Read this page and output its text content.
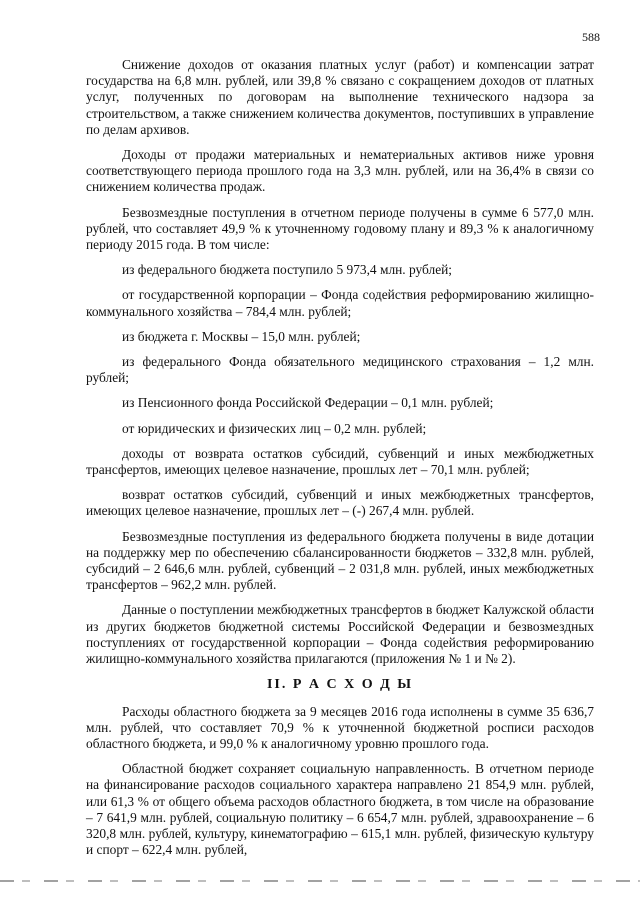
588

Снижение доходов от оказания платных услуг (работ) и компенсации затрат государства на 6,8 млн. рублей, или 39,8 % связано с сокращением доходов от платных услуг, полученных по договорам на выполнение технического надзора за строительством, а также снижением количества документов, поступивших в управление по делам архивов.

Доходы от продажи материальных и нематериальных активов ниже уровня соответствующего периода прошлого года на 3,3 млн. рублей, или на 36,4% в связи со снижением количества продаж.

Безвозмездные поступления в отчетном периоде получены в сумме 6 577,0 млн. рублей, что составляет 49,9 % к уточненному годовому плану и 89,3 % к аналогичному периоду 2015 года. В том числе:

из федерального бюджета поступило 5 973,4 млн. рублей;

от государственной корпорации – Фонда содействия реформированию жилищно-коммунального хозяйства – 784,4 млн. рублей;

из бюджета г. Москвы – 15,0 млн. рублей;

из федерального Фонда обязательного медицинского страхования – 1,2 млн. рублей;

из Пенсионного фонда Российской Федерации – 0,1 млн. рублей;

от юридических и физических лиц – 0,2 млн. рублей;

доходы от возврата остатков субсидий, субвенций и иных межбюджетных трансфертов, имеющих целевое назначение, прошлых лет – 70,1 млн. рублей;

возврат остатков субсидий, субвенций и иных межбюджетных трансфертов, имеющих целевое назначение, прошлых лет – (-) 267,4 млн. рублей.

Безвозмездные поступления из федерального бюджета получены в виде дотации на поддержку мер по обеспечению сбалансированности бюджетов – 332,8 млн. рублей, субсидий – 2 646,6 млн. рублей, субвенций – 2 031,8 млн. рублей, иных межбюджетных трансфертов – 962,2 млн. рублей.

Данные о поступлении межбюджетных трансфертов в бюджет Калужской области из других бюджетов бюджетной системы Российской Федерации и безвозмездных поступлениях от государственной корпорации – Фонда содействия реформированию жилищно-коммунального хозяйства прилагаются (приложения № 1 и № 2).

II. Р А С Х О Д Ы

Расходы областного бюджета за 9 месяцев 2016 года исполнены в сумме 35 636,7 млн. рублей, что составляет 70,9 % к уточненной бюджетной росписи расходов областного бюджета, и 99,0 % к аналогичному уровню прошлого года.

Областной бюджет сохраняет социальную направленность. В отчетном периоде на финансирование расходов социального характера направлено 21 854,9 млн. рублей, или 61,3 % от общего объема расходов областного бюджета, в том числе на образование – 7 641,9 млн. рублей, социальную политику – 6 654,7 млн. рублей, здравоохранение – 6 320,8 млн. рублей, культуру, кинематографию – 615,1 млн. рублей, физическую культуру и спорт – 622,4 млн. рублей,
